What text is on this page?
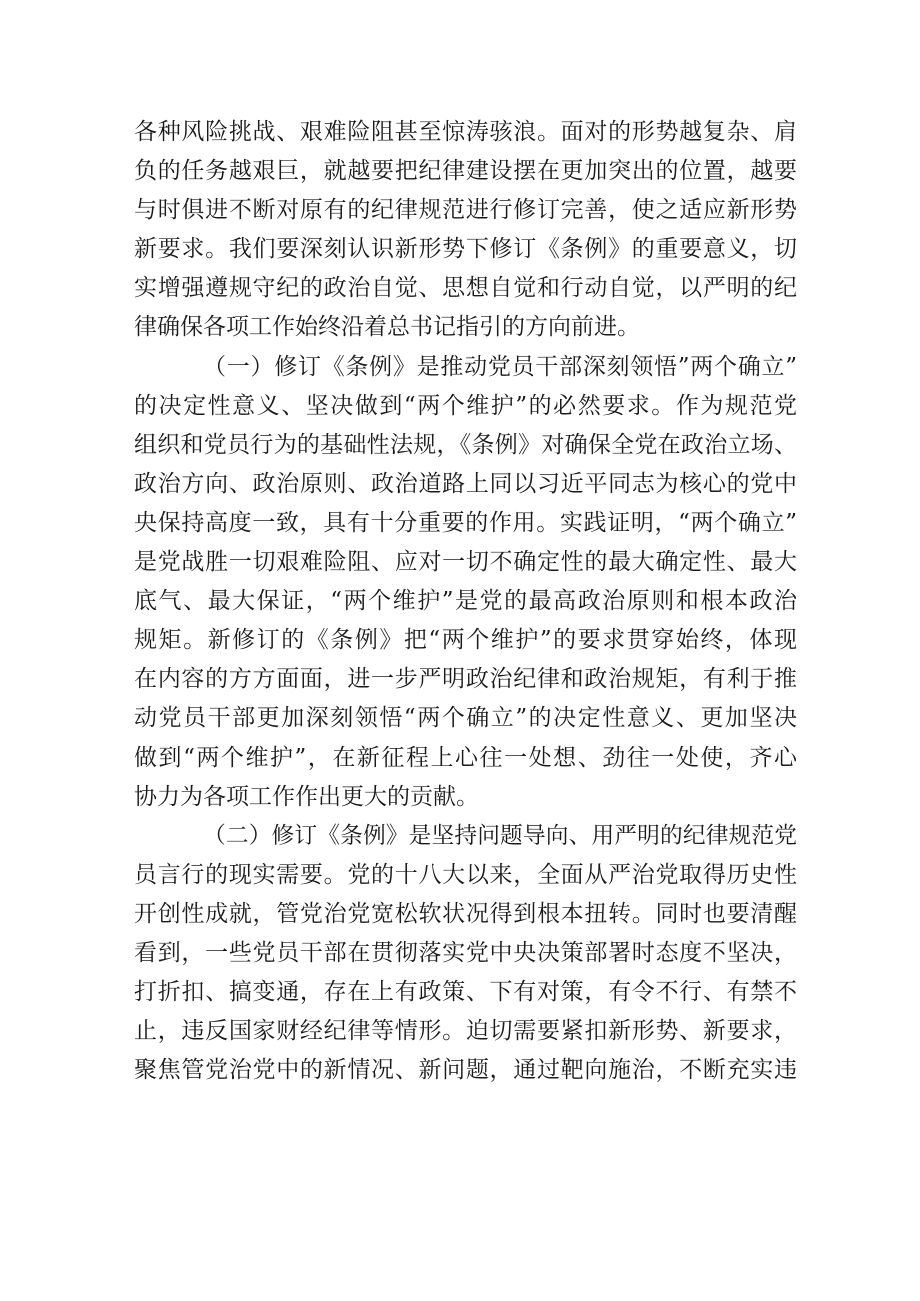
各种风险挑战、艰难险阻甚至惊涛骇浪。面对的形势越复杂、肩
负的任务越艰巨，就越要把纪律建设摆在更加突出的位置，越要
与时俱进不断对原有的纪律规范进行修订完善，使之适应新形势
新要求。我们要深刻认识新形势下修订《条例》的重要意义，切
实增强遵规守纪的政治自觉、思想自觉和行动自觉，以严明的纪
律确保各项工作始终沿着总书记指引的方向前进。
（一）修订《条例》是推动党员干部深刻领悟”两个确立”
的决定性意义、坚决做到“两个维护”的必然要求。作为规范党
组织和党员行为的基础性法规，《条例》对确保全党在政治立场、
政治方向、政治原则、政治道路上同以习近平同志为核心的党中
央保持高度一致，具有十分重要的作用。实践证明，“两个确立”
是党战胜一切艰难险阻、应对一切不确定性的最大确定性、最大
底气、最大保证，“两个维护”是党的最高政治原则和根本政治
规矩。新修订的《条例》把“两个维护”的要求贯穿始终，体现
在内容的方方面面，进一步严明政治纪律和政治规矩，有利于推
动党员干部更加深刻领悟“两个确立”的决定性意义、更加坚决
做到“两个维护”，在新征程上心往一处想、劲往一处使，齐心
协力为各项工作作出更大的贡献。
（二）修订《条例》是坚持问题导向、用严明的纪律规范党
员言行的现实需要。党的十八大以来，全面从严治党取得历史性
开创性成就，管党治党宽松软状况得到根本扭转。同时也要清醒
看到，一些党员干部在贯彻落实党中央决策部署时态度不坚决，
打折扣、搞变通，存在上有政策、下有对策，有令不行、有禁不
止，违反国家财经纪律等情形。迫切需要紧扣新形势、新要求，
聚焦管党治党中的新情况、新问题，通过靶向施治，不断充实违
